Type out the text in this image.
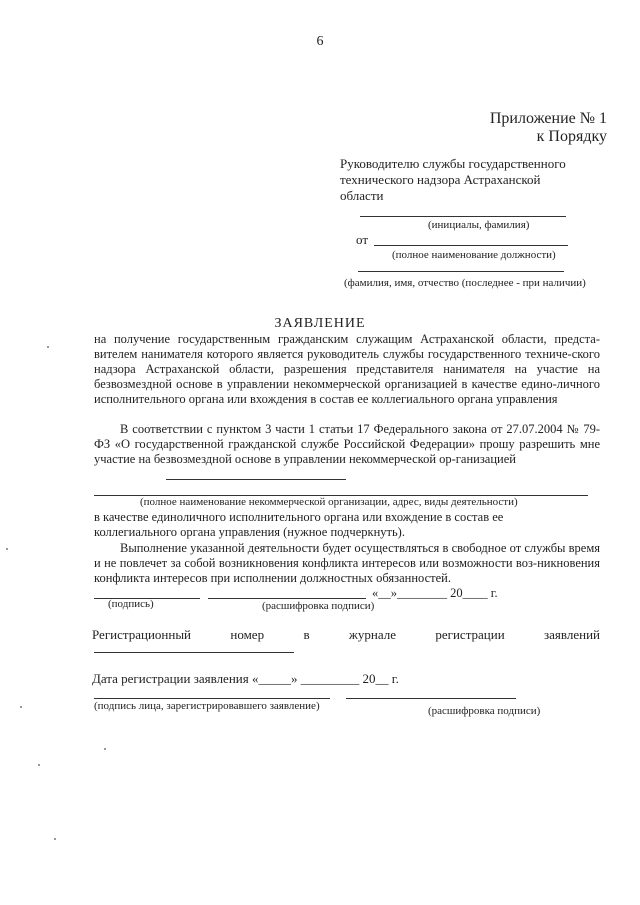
6
Приложение № 1
к Порядку
Руководителю службы государственного технического надзора Астраханской области
(инициалы, фамилия)
от
(полное наименование должности)
(фамилия, имя, отчество (последнее - при наличии)
ЗАЯВЛЕНИЕ
на получение государственным гражданским служащим Астраханской области, предста-вителем нанимателя которого является руководитель службы государственного техниче-ского надзора Астраханской области, разрешения представителя нанимателя на участие на безвозмездной основе в управлении некоммерческой организацией в качестве едино-личного исполнительного органа или вхождения в состав ее коллегиального органа управления
В соответствии с пунктом 3 части 1 статьи 17 Федерального закона от 27.07.2004 № 79-ФЗ «О государственной гражданской службе Российской Федерации» прошу разрешить мне участие на безвозмездной основе в управлении некоммерческой ор-ганизацией
(полное наименование некоммерческой организации, адрес, виды деятельности)
в качестве единоличного исполнительного органа или вхождение в состав ее
коллегиального органа управления (нужное подчеркнуть).
Выполнение указанной деятельности будет осуществляться в свободное от службы время и не повлечет за собой возникновения конфликта интересов или возможности воз-никновения конфликта интересов при исполнении должностных обязанностей.
«__»________ 20____ г.
(подпись)	(расшифровка подписи)
Регистрационный	номер	в	журнале	регистрации	заявлений
Дата регистрации заявления «_____» _________ 20__ г.
(подпись лица, зарегистрировавшего заявление)	(расшифровка подписи)
